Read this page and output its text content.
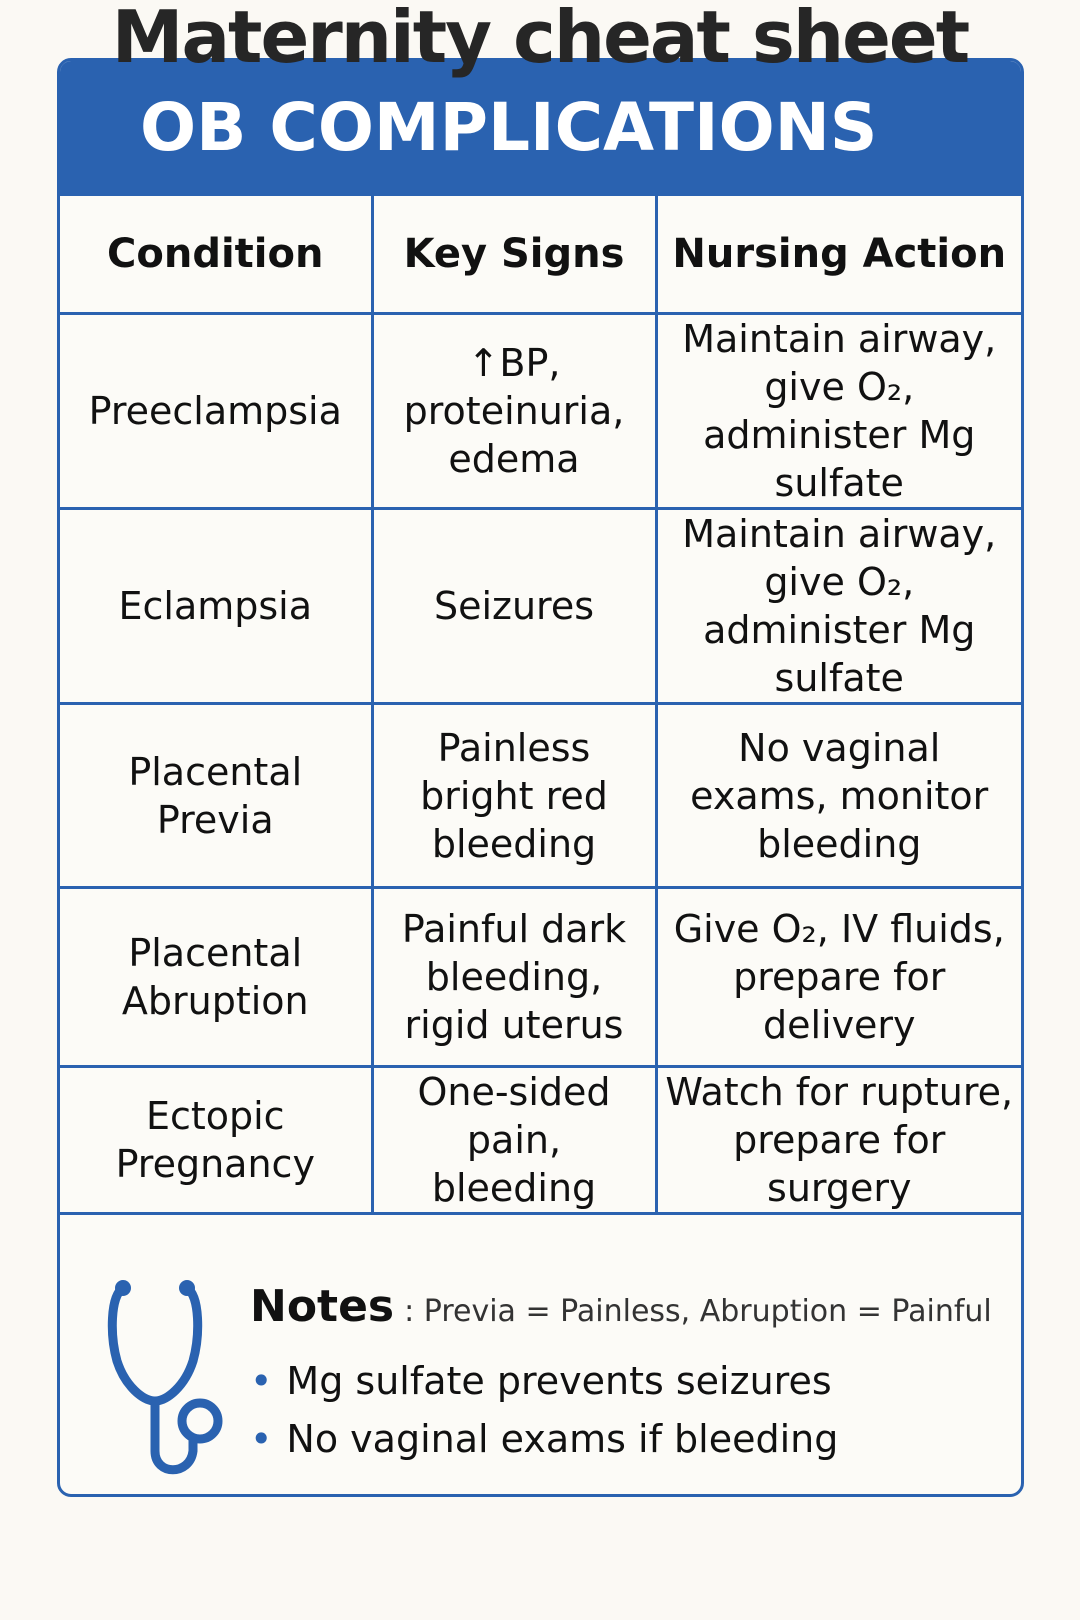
Maternity cheat sheet
OB COMPLICATIONS
Condition	Key Signs	Nursing Action
Preeclampsia	↑BP, proteinuria, edema	Maintain airway, give O₂, administer Mg sulfate
Eclampsia	Seizures	Maintain airway, give O₂, administer Mg sulfate
Placental Previa	Painless bright red bleeding	No vaginal exams, monitor bleeding
Placental Abruption	Painful dark bleeding, rigid uterus	Give O₂, IV fluids, prepare for delivery
Ectopic Pregnancy	One-sided pain, bleeding	Watch for rupture, prepare for surgery
Notes : Previa = Painless, Abruption = Painful
• Mg sulfate prevents seizures
• No vaginal exams if bleeding
